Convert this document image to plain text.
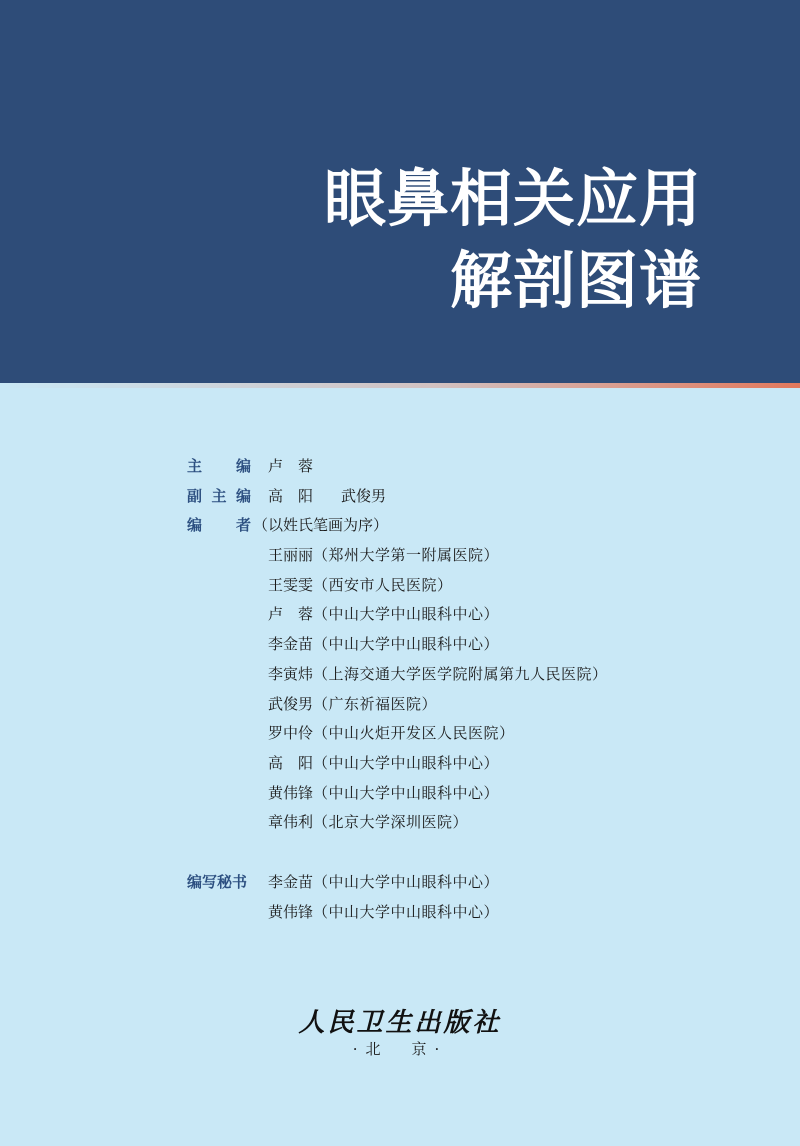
眼鼻相关应用
解剖图谱
主 编 卢　蓉
副 主 编 高　阳 武俊男
编 者 （以姓氏笔画为序）
王丽丽（郑州大学第一附属医院）
王雯雯（西安市人民医院）
卢　蓉（中山大学中山眼科中心）
李金苗（中山大学中山眼科中心）
李寅炜（上海交通大学医学院附属第九人民医院）
武俊男（广东祈福医院）
罗中伶（中山火炬开发区人民医院）
高　阳（中山大学中山眼科中心）
黄伟锋（中山大学中山眼科中心）
章伟利（北京大学深圳医院）
编写秘书 李金苗（中山大学中山眼科中心）
黄伟锋（中山大学中山眼科中心）
人民卫生出版社
·北　京·
